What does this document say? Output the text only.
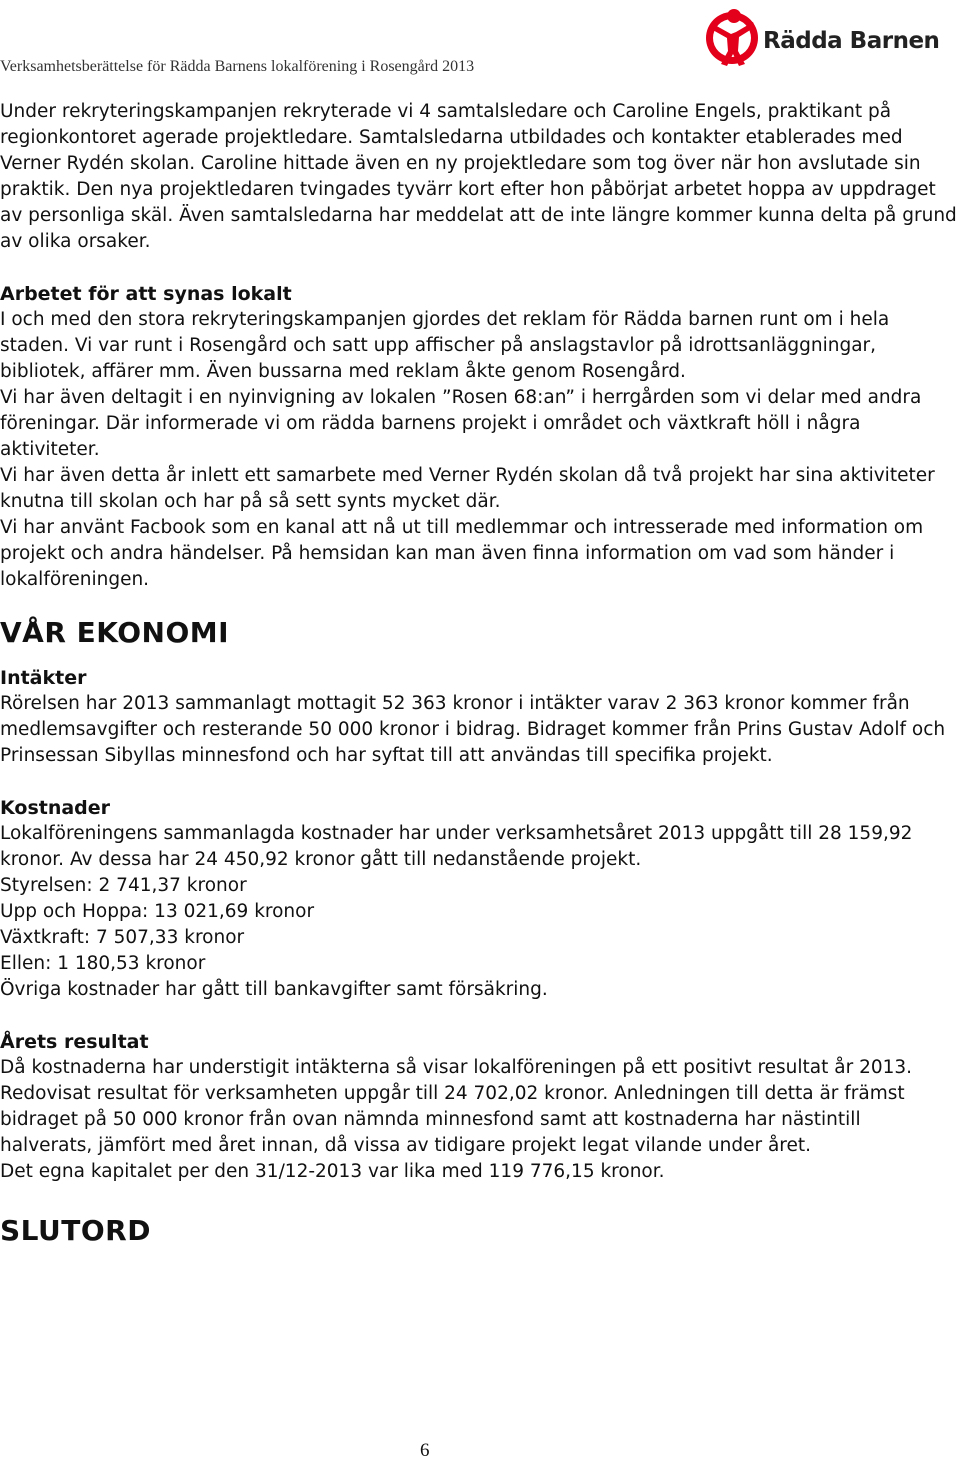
Verksamhetsberättelse för Rädda Barnens lokalförening i Rosengård 2013
Rädda Barnen

Under rekryteringskampanjen rekryterade vi 4 samtalsledare och Caroline Engels, praktikant på regionkontoret agerade projektledare. Samtalsledarna utbildades och kontakter etablerades med Verner Rydén skolan. Caroline hittade även en ny projektledare som tog över när hon avslutade sin praktik. Den nya projektledaren tvingades tyvärr kort efter hon påbörjat arbetet hoppa av uppdraget av personliga skäl. Även samtalsledarna har meddelat att de inte längre kommer kunna delta på grund av olika orsaker.

Arbetet för att synas lokalt

I och med den stora rekryteringskampanjen gjordes det reklam för Rädda barnen runt om i hela staden. Vi var runt i Rosengård och satt upp affischer på anslagstavlor på idrottsanläggningar, bibliotek, affärer mm. Även bussarna med reklam åkte genom Rosengård.

Vi har även deltagit i en nyinvigning av lokalen ”Rosen 68:an” i herrgården som vi delar med andra föreningar. Där informerade vi om rädda barnens projekt i området och växtkraft höll i några aktiviteter.

Vi har även detta år inlett ett samarbete med Verner Rydén skolan då två projekt har sina aktiviteter knutna till skolan och har på så sett synts mycket där.

Vi har använt Facbook som en kanal att nå ut till medlemmar och intresserade med information om projekt och andra händelser. På hemsidan kan man även finna information om vad som händer i lokalföreningen.

VÅR EKONOMI
Intäkter

Rörelsen har 2013 sammanlagt mottagit 52 363 kronor i intäkter varav 2 363 kronor kommer från medlemsavgifter och resterande 50 000 kronor i bidrag. Bidraget kommer från Prins Gustav Adolf och Prinsessan Sibyllas minnesfond och har syftat till att användas till specifika projekt.

Kostnader

Lokalföreningens sammanlagda kostnader har under verksamhetsåret 2013 uppgått till 28 159,92 kronor. Av dessa har 24 450,92 kronor gått till nedanstående projekt.

Styrelsen: 2 741,37 kronor

Upp och Hoppa: 13 021,69 kronor

Växtkraft: 7 507,33 kronor

Ellen: 1 180,53 kronor

Övriga kostnader har gått till bankavgifter samt försäkring.

Årets resultat

Då kostnaderna har understigit intäkterna så visar lokalföreningen på ett positivt resultat år 2013. Redovisat resultat för verksamheten uppgår till 24 702,02 kronor. Anledningen till detta är främst bidraget på 50 000 kronor från ovan nämnda minnesfond samt att kostnaderna har nästintill halverats, jämfört med året innan, då vissa av tidigare projekt legat vilande under året.

Det egna kapitalet per den 31/12-2013 var lika med 119 776,15 kronor.

SLUTORD
6
